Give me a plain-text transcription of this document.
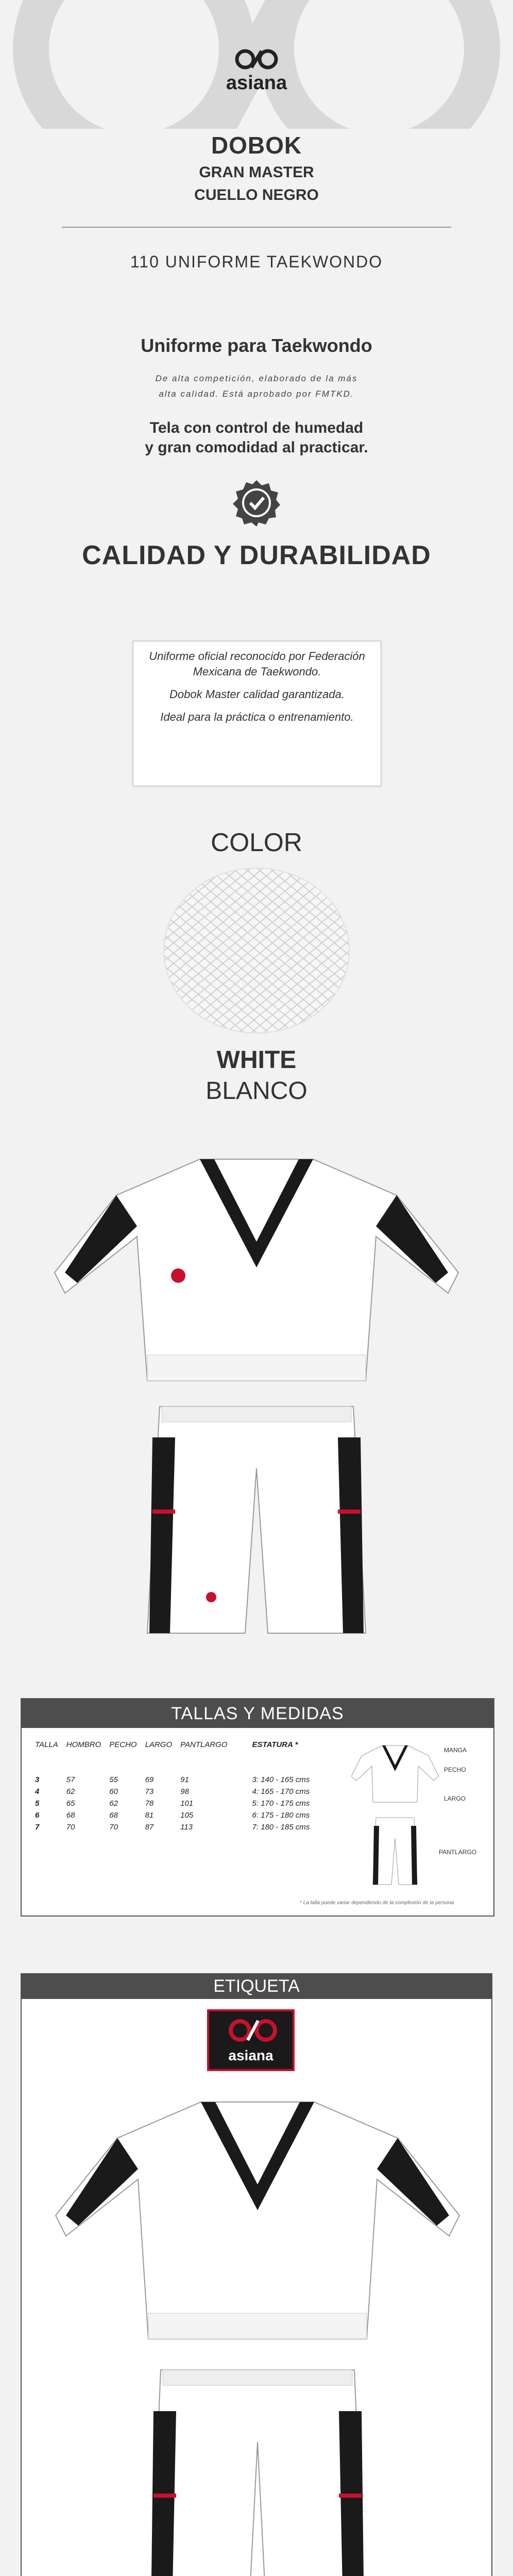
asiana
DOBOK
GRAN MASTER
CUELLO NEGRO
110 UNIFORME TAEKWONDO
Uniforme para Taekwondo
De alta competición, elaborado de la más
alta calidad. Está aprobado por FMTKD.
Tela con control de humedad
y gran comodidad al practicar.
CALIDAD Y DURABILIDAD

Uniforme oficial reconocido por Federación Mexicana de Taekwondo.

Dobok Master calidad garantizada.

Ideal para la práctica o entrenamiento.

COLOR
WHITE
BLANCO
TALLAS Y MEDIDAS
TALLA	HOMBRO	PECHO	LARGO	PANTLARGO	ESTATURA *

3	57	55	69	91	3: 140 - 165 cms
4	62	60	73	98	4: 165 - 170 cms
5	65	62	78	101	5: 170 - 175 cms
6	68	68	81	105	6: 175 - 180 cms
7	70	70	87	113	7: 180 - 185 cms
MANGA
PECHO
LARGO
PANTLARGO
* La talla puede variar dependiendo de la complexión de la persona
ETIQUETA
asiana
